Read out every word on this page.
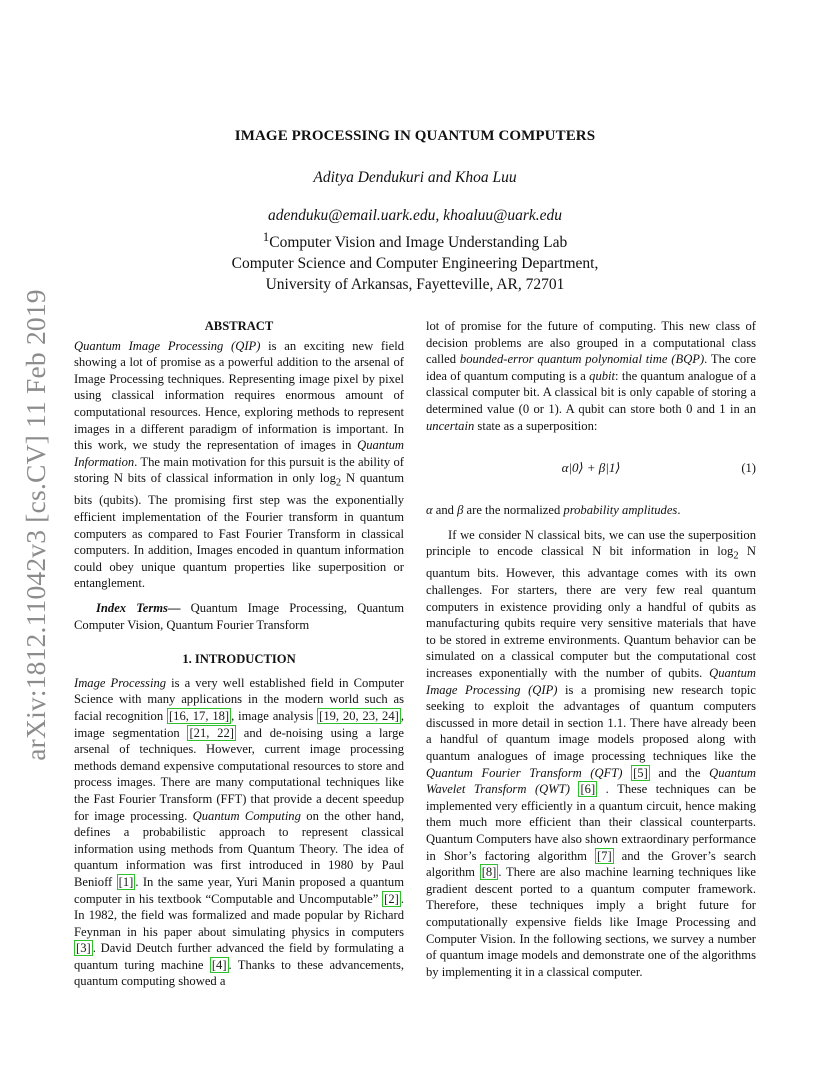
arXiv:1812.11042v3 [cs.CV] 11 Feb 2019
IMAGE PROCESSING IN QUANTUM COMPUTERS
Aditya Dendukuri and Khoa Luu
adenduku@email.uark.edu, khoaluu@uark.edu
$^1$Computer Vision and Image Understanding Lab
Computer Science and Computer Engineering Department,
University of Arkansas, Fayetteville, AR, 72701
ABSTRACT

Quantum Image Processing (QIP) is an exciting new field showing a lot of promise as a powerful addition to the arsenal of Image Processing techniques. Representing image pixel by pixel using classical information requires enormous amount of computational resources. Hence, exploring methods to represent images in a different paradigm of information is important. In this work, we study the representation of images in Quantum Information. The main motivation for this pursuit is the ability of storing N bits of classical information in only $\log_2 N$ quantum bits (qubits). The promising first step was the exponentially efficient implementation of the Fourier transform in quantum computers as compared to Fast Fourier Transform in classical computers. In addition, Images encoded in quantum information could obey unique quantum properties like superposition or entanglement.

Index Terms— Quantum Image Processing, Quantum Computer Vision, Quantum Fourier Transform

1. INTRODUCTION

Image Processing is a very well established field in Computer Science with many applications in the modern world such as facial recognition [16, 17, 18] , image analysis [19, 20, 23, 24] , image segmentation [21, 22] and de-noising using a large arsenal of techniques. However, current image processing methods demand expensive computational resources to store and process images. There are many computational techniques like the Fast Fourier Transform (FFT) that provide a decent speedup for image processing. Quantum Computing on the other hand, defines a probabilistic approach to represent classical information using methods from Quantum Theory. The idea of quantum information was first introduced in 1980 by Paul Benioff [1] . In the same year, Yuri Manin proposed a quantum computer in his textbook “Computable and Uncomputable” [2] . In 1982, the field was formalized and made popular by Richard Feynman in his paper about simulating physics in computers [3] . David Deutch further advanced the field by formulating a quantum turing machine [4] . Thanks to these advancements, quantum computing showed a

lot of promise for the future of computing. This new class of decision problems are also grouped in a computational class called bounded-error quantum polynomial time (BQP). The core idea of quantum computing is a qubit: the quantum analogue of a classical computer bit. A classical bit is only capable of storing a determined value (0 or 1). A qubit can store both 0 and 1 in an uncertain state as a superposition:

α|0⟩ + β|1⟩	(1)

α and β are the normalized probability amplitudes.

If we consider N classical bits, we can use the superposition principle to encode classical N bit information in $\log_2 N$ quantum bits. However, this advantage comes with its own challenges. For starters, there are very few real quantum computers in existence providing only a handful of qubits as manufacturing qubits require very sensitive materials that have to be stored in extreme environments. Quantum behavior can be simulated on a classical computer but the computational cost increases exponentially with the number of qubits. Quantum Image Processing (QIP) is a promising new research topic seeking to exploit the advantages of quantum computers discussed in more detail in section 1.1. There have already been a handful of quantum image models proposed along with quantum analogues of image processing techniques like the Quantum Fourier Transform (QFT) [5] and the Quantum Wavelet Transform (QWT) [6] . These techniques can be implemented very efficiently in a quantum circuit, hence making them much more efficient than their classical counterparts. Quantum Computers have also shown extraordinary performance in Shor’s factoring algorithm [7] and the Grover’s search algorithm [8] . There are also machine learning techniques like gradient descent ported to a quantum computer framework. Therefore, these techniques imply a bright future for computationally expensive fields like Image Processing and Computer Vision. In the following sections, we survey a number of quantum image models and demonstrate one of the algorithms by implementing it in a classical computer.
